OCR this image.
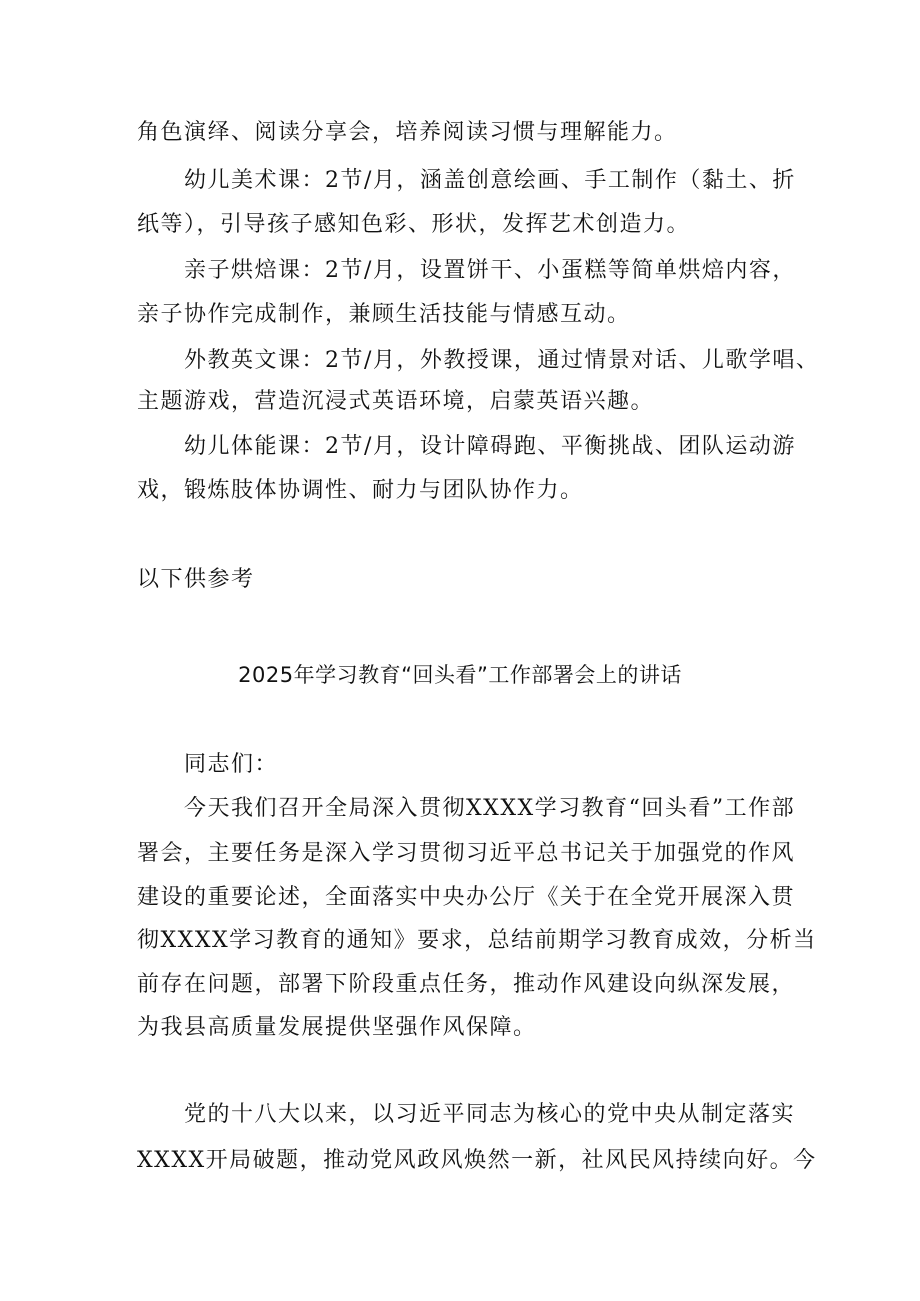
角色演绎、阅读分享会，培养阅读习惯与理解能力。
　　幼儿美术课：2节/月，涵盖创意绘画、手工制作（黏土、折
纸等），引导孩子感知色彩、形状，发挥艺术创造力。
　　亲子烘焙课：2节/月，设置饼干、小蛋糕等简单烘焙内容，
亲子协作完成制作，兼顾生活技能与情感互动。
　　外教英文课：2节/月，外教授课，通过情景对话、儿歌学唱、
主题游戏，营造沉浸式英语环境，启蒙英语兴趣。
　　幼儿体能课：2节/月，设计障碍跑、平衡挑战、团队运动游
戏，锻炼肢体协调性、耐力与团队协作力。
以下供参考
2025年学习教育“回头看”工作部署会上的讲话
　　同志们：
　　今天我们召开全局深入贯彻XXXX学习教育“回头看”工作部
署会，主要任务是深入学习贯彻习近平总书记关于加强党的作风
建设的重要论述，全面落实中央办公厅《关于在全党开展深入贯
彻XXXX学习教育的通知》要求，总结前期学习教育成效，分析当
前存在问题，部署下阶段重点任务，推动作风建设向纵深发展，
为我县高质量发展提供坚强作风保障。
　　党的十八大以来，以习近平同志为核心的党中央从制定落实
XXXX开局破题，推动党风政风焕然一新，社风民风持续向好。今
